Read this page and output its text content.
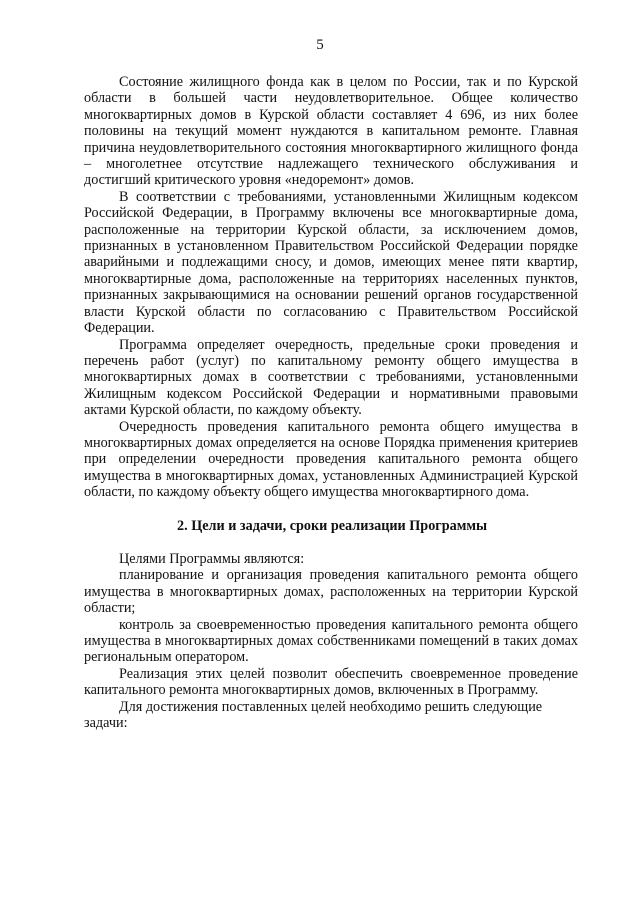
5

Состояние жилищного фонда как в целом по России, так и по Курской области в большей части неудовлетворительное. Общее количество многоквартирных домов в Курской области составляет 4 696, из них более половины на текущий момент нуждаются в капитальном ремонте. Главная причина неудовлетворительного состояния многоквартирного жилищного фонда – многолетнее отсутствие надлежащего технического обслуживания и достигший критического уровня «недоремонт» домов.

В соответствии с требованиями, установленными Жилищным кодексом Российской Федерации, в Программу включены все многоквартирные дома, расположенные на территории Курской области, за исключением домов, признанных в установленном Правительством Российской Федерации порядке аварийными и подлежащими сносу, и домов, имеющих менее пяти квартир, многоквартирные дома, расположенные на территориях населенных пунктов, признанных закрывающимися на основании решений органов государственной власти Курской области по согласованию с Правительством Российской Федерации.

Программа определяет очередность, предельные сроки проведения и перечень работ (услуг) по капитальному ремонту общего имущества в многоквартирных домах в соответствии с требованиями, установленными Жилищным кодексом Российской Федерации и нормативными правовыми актами Курской области, по каждому объекту.

Очередность проведения капитального ремонта общего имущества в многоквартирных домах определяется на основе Порядка применения критериев при определении очередности проведения капитального ремонта общего имущества в многоквартирных домах, установленных Администрацией Курской области, по каждому объекту общего имущества многоквартирного дома.

2. Цели и задачи, сроки реализации Программы

Целями Программы являются:

планирование и организация проведения капитального ремонта общего имущества в многоквартирных домах, расположенных на территории Курской области;

контроль за своевременностью проведения капитального ремонта общего имущества в многоквартирных домах собственниками помещений в таких домах региональным оператором.

Реализация этих целей позволит обеспечить своевременное проведение капитального ремонта многоквартирных домов, включенных в Программу.

Для достижения поставленных целей необходимо решить следующие задачи:
